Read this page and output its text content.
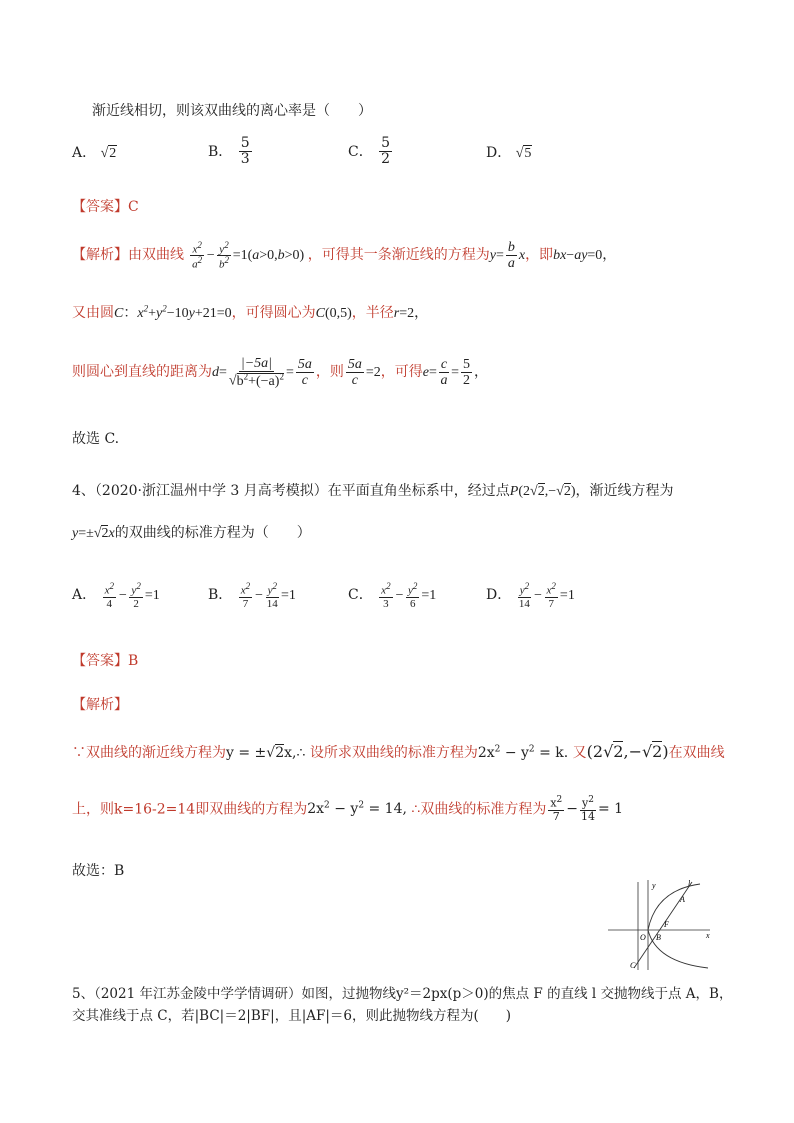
渐近线相切，则该双曲线的离心率是（　　）
A． √2	B． $\frac{5}{3}$	C． $\frac{5}{2}$	D． √5
【答案】C
【解析】由双曲线 $\frac{x^2}{a^2} - \frac{y^2}{b^2} =1(a>0,b>0)$ ，可得其一条渐近线的方程为$y= \frac{b}{a}$ x，即bx−ay=0，
又由圆C：$x^2+y^2-10y+21=0$，可得圆心为C(0,5)，半径r=2，
则圆心到直线的距离为$d= \frac{|-5a|}{√b^2+(-a)^2} = \frac{5a}{c}$ ，则 $\frac{5a}{c} =2$，可得$e= \frac{c}{a} = \frac{5}{2}$ ，
故选 C.
4、（2020·浙江温州中学 3 月高考模拟）在平面直角坐标系中，经过点P(2√2,−√2)，渐近线方程为
y=±√2x的双曲线的标准方程为（　　）
A． $\frac{x^2}{4} - \frac{y^2}{2} =1$	B． $\frac{x^2}{7} - \frac{y^2}{14} =1$	C． $\frac{x^2}{3} - \frac{y^2}{6} =1$	D． $\frac{y^2}{14} - \frac{x^2}{7} =1$
【答案】B
【解析】
∵双曲线的渐近线方程为y = ±√2x,∴ 设所求双曲线的标准方程为$2x^2 - y^2 = k$. 又(2√2,−√2)在双曲线
上，则k=16-2=14即双曲线的方程为$2x^2 - y^2 = 14$, ∴双曲线的标准方程为 $\frac{x^2}{7} - \frac{y^2}{14} = 1$
故选：B
y	l
A
F
O B	x
C
5、（2021 年江苏金陵中学学情调研）如图，过抛物线y²＝2px(p＞0)的焦点 F 的直线 l 交抛物线于点 A，B，
交其准线于点 C，若|BC|＝2|BF|，且|AF|＝6，则此抛物线方程为(　　)
